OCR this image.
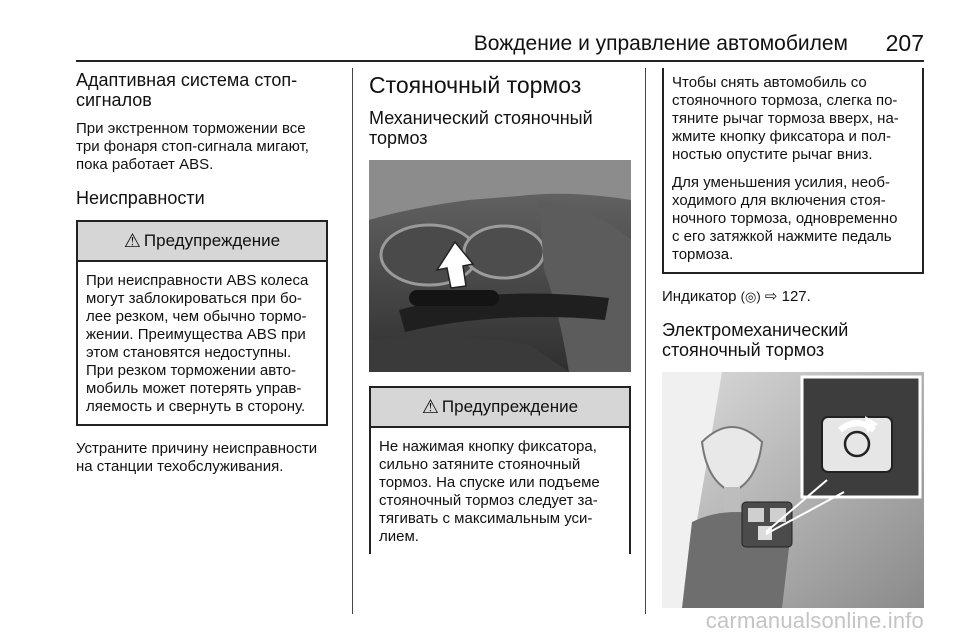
Вождение и управление автомобилем 207
Адаптивная система стоп-
сигналов

При экстренном торможении все
три фонаря стоп-сигнала мигают,
пока работает ABS.

Неисправности
⚠ Предупреждение
При неисправности ABS колеса
могут заблокироваться при бо-
лее резком, чем обычно тормо-
жении. Преимущества ABS при
этом становятся недоступны.
При резком торможении авто-
мобиль может потерять управ-
ляемость и свернуть в сторону.

Устраните причину неисправности
на станции техобслуживания.

Стояночный тормоз
Механический стояночный
тормоз
⚠ Предупреждение
Не нажимая кнопку фиксатора,
сильно затяните стояночный
тормоз. На спуске или подъеме
стояночный тормоз следует за-
тягивать с максимальным уси-
лием.

Чтобы снять автомобиль со
стояночного тормоза, слегка по-
тяните рычаг тормоза вверх, на-
жмите кнопку фиксатора и пол-
ностью опустите рычаг вниз.

Для уменьшения усилия, необ-
ходимого для включения стоя-
ночного тормоза, одновременно
с его затяжкой нажмите педаль
тормоза.

Индикатор (◎) ⇨ 127.

Электромеханический
стояночный тормоз
carmanualsonline.info
